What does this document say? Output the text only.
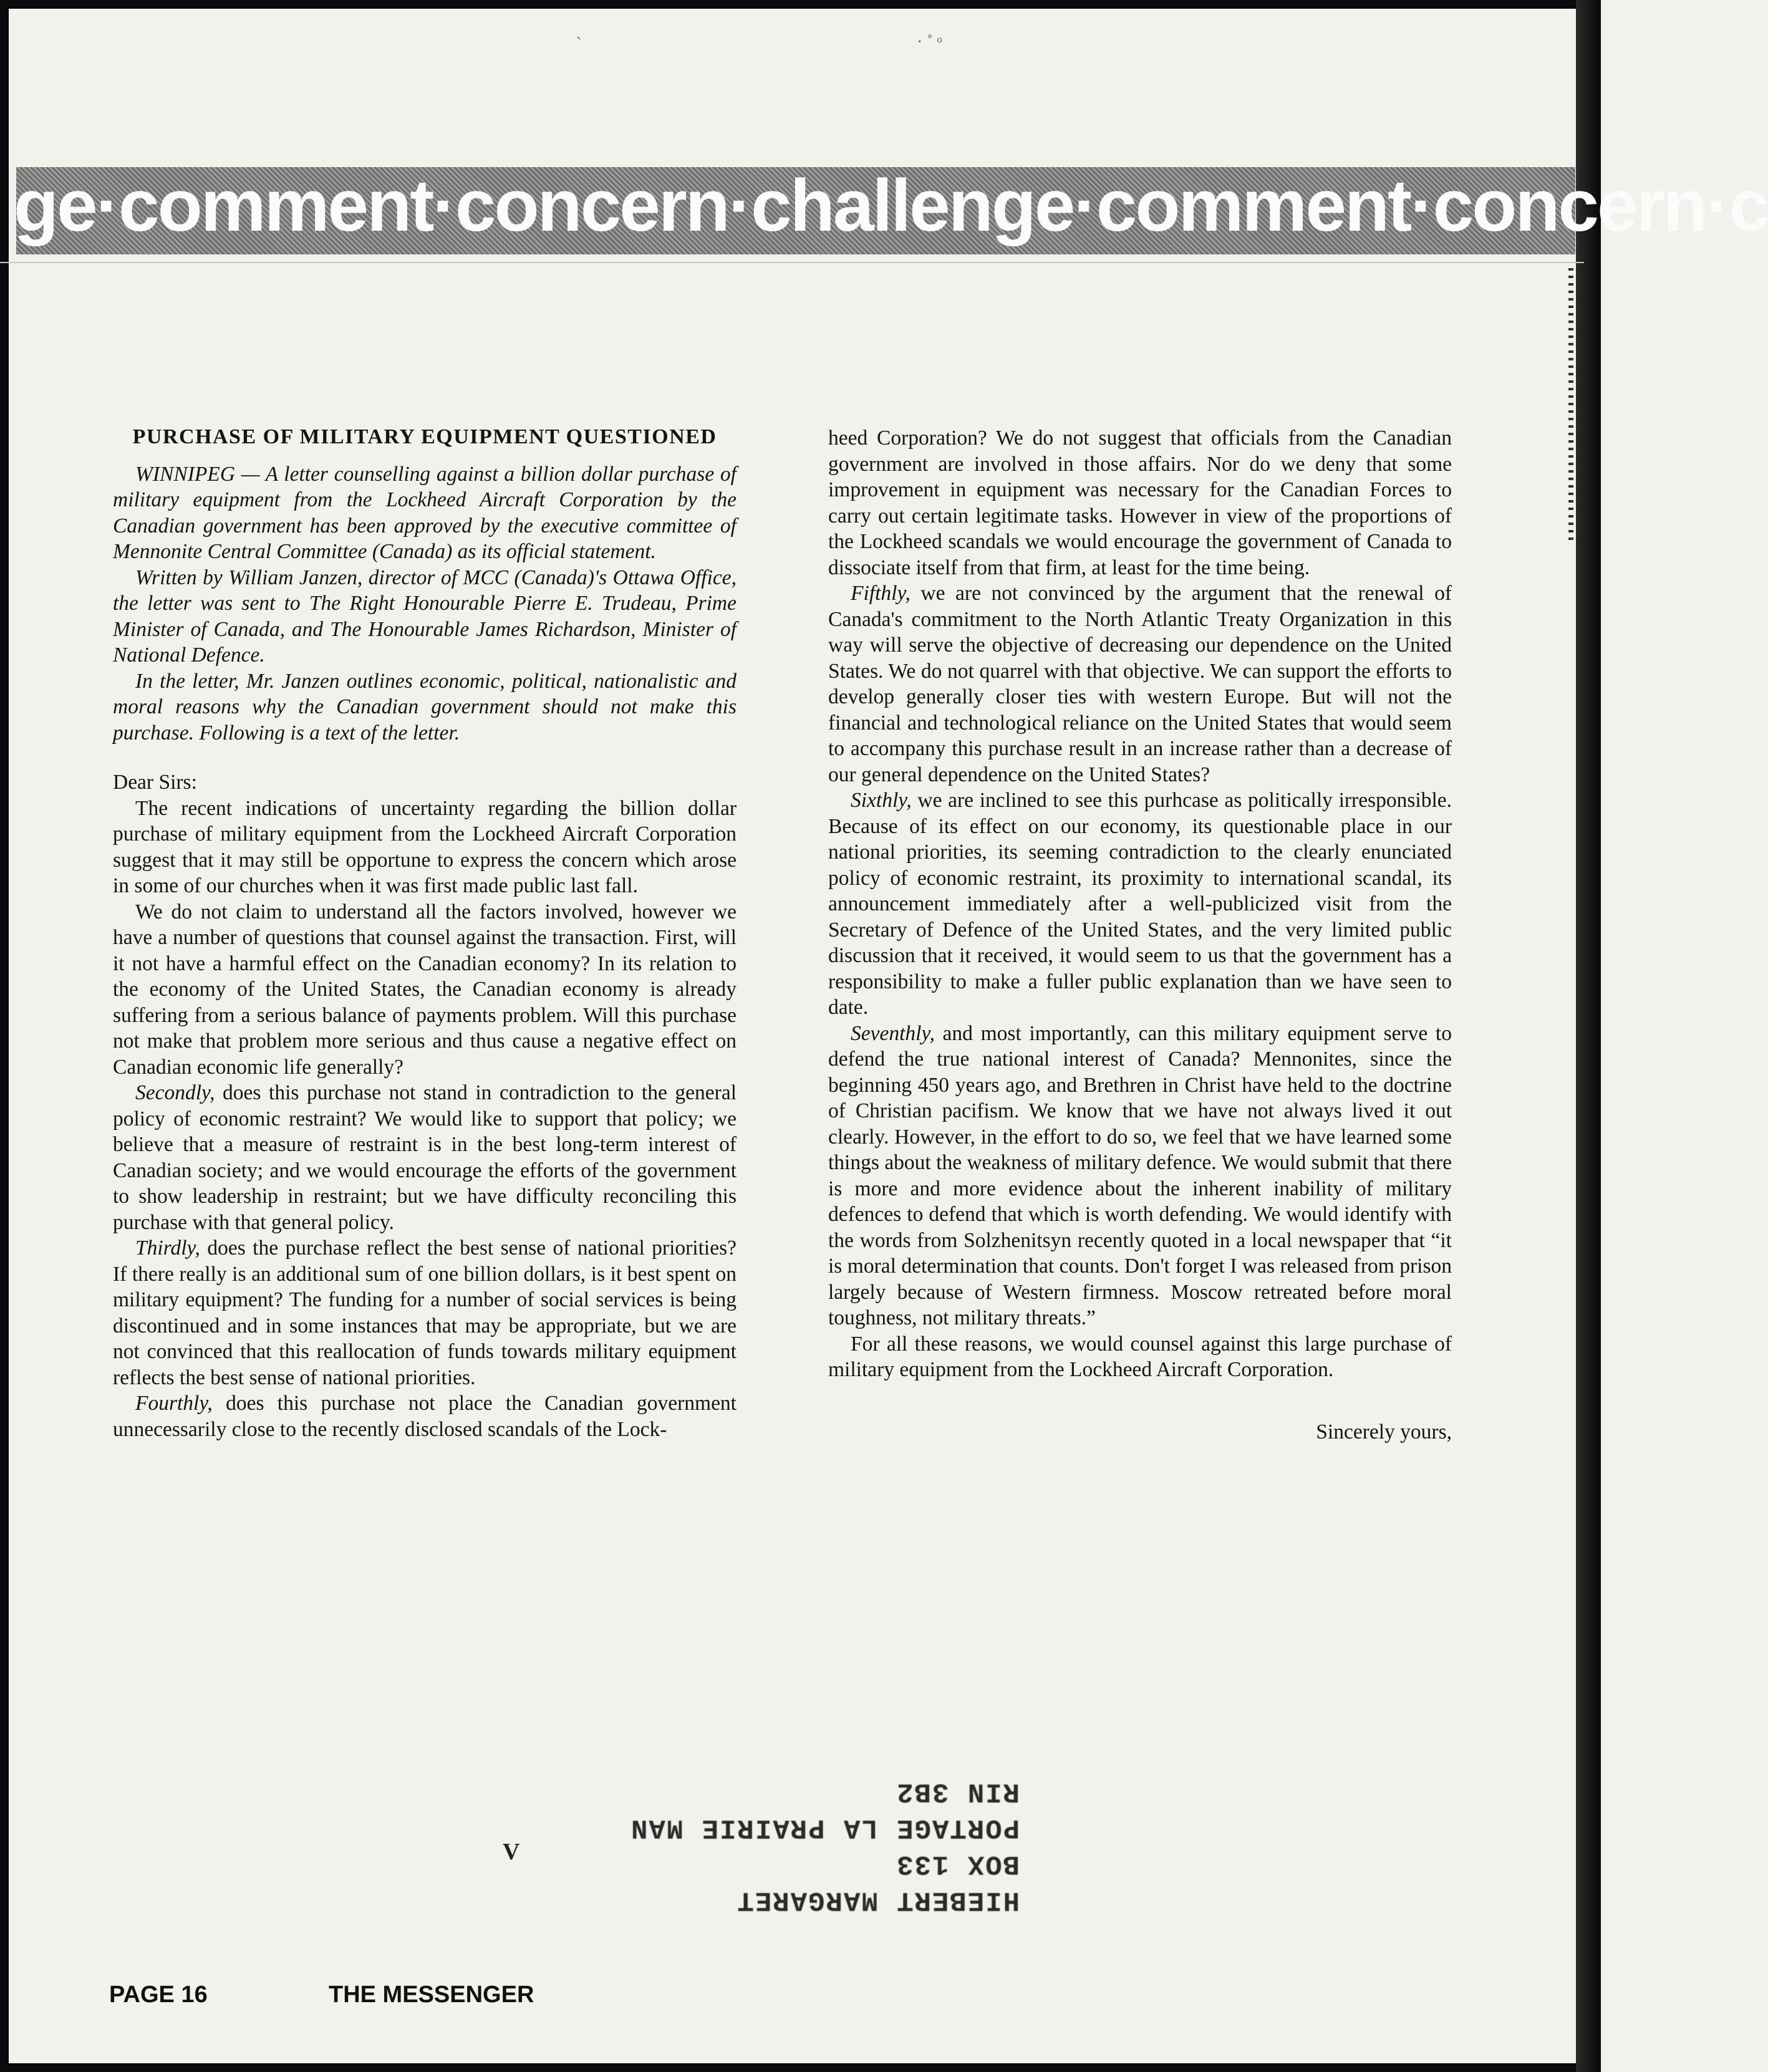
· ˚ ᵒ
ge·comment·concern·challenge·comment·concern·c

PURCHASE OF MILITARY EQUIPMENT QUESTIONED

WINNIPEG — A letter counselling against a billion dollar purchase of military equipment from the Lockheed Aircraft Corporation by the Canadian government has been approved by the executive committee of Mennonite Central Committee (Canada) as its official statement.

Written by William Janzen, director of MCC (Canada)'s Ottawa Office, the letter was sent to The Right Honourable Pierre E. Trudeau, Prime Minister of Canada, and The Honourable James Richardson, Minister of National Defence.

In the letter, Mr. Janzen outlines economic, political, nationalistic and moral reasons why the Canadian government should not make this purchase. Following is a text of the letter.

Dear Sirs:

The recent indications of uncertainty regarding the billion dollar purchase of military equipment from the Lockheed Aircraft Corporation suggest that it may still be opportune to express the concern which arose in some of our churches when it was first made public last fall.

We do not claim to understand all the factors involved, however we have a number of questions that counsel against the transaction. First, will it not have a harmful effect on the Canadian economy? In its relation to the economy of the United States, the Canadian economy is already suffering from a serious balance of payments problem. Will this purchase not make that problem more serious and thus cause a negative effect on Canadian economic life generally?

Secondly, does this purchase not stand in contradiction to the general policy of economic restraint? We would like to support that policy; we believe that a measure of restraint is in the best long-term interest of Canadian society; and we would encourage the efforts of the government to show leadership in restraint; but we have difficulty reconciling this purchase with that general policy.

Thirdly, does the purchase reflect the best sense of national priorities? If there really is an additional sum of one billion dollars, is it best spent on military equipment? The funding for a number of social services is being discontinued and in some instances that may be appropriate, but we are not convinced that this reallocation of funds towards military equipment reflects the best sense of national priorities.

Fourthly, does this purchase not place the Canadian government unnecessarily close to the recently disclosed scandals of the Lock-

heed Corporation? We do not suggest that officials from the Canadian government are involved in those affairs. Nor do we deny that some improvement in equipment was necessary for the Canadian Forces to carry out certain legitimate tasks. However in view of the proportions of the Lockheed scandals we would encourage the government of Canada to dissociate itself from that firm, at least for the time being.

Fifthly, we are not convinced by the argument that the renewal of Canada's commitment to the North Atlantic Treaty Organization in this way will serve the objective of decreasing our dependence on the United States. We do not quarrel with that objective. We can support the efforts to develop generally closer ties with western Europe. But will not the financial and technological reliance on the United States that would seem to accompany this purchase result in an increase rather than a decrease of our general dependence on the United States?

Sixthly, we are inclined to see this purhcase as politically irresponsible. Because of its effect on our economy, its questionable place in our national priorities, its seeming contradiction to the clearly enunciated policy of economic restraint, its proximity to international scandal, its announcement immediately after a well-publicized visit from the Secretary of Defence of the United States, and the very limited public discussion that it received, it would seem to us that the government has a responsibility to make a fuller public explanation than we have seen to date.

Seventhly, and most importantly, can this military equipment serve to defend the true national interest of Canada? Mennonites, since the beginning 450 years ago, and Brethren in Christ have held to the doctrine of Christian pacifism. We know that we have not always lived it out clearly. However, in the effort to do so, we feel that we have learned some things about the weakness of military defence. We would submit that there is more and more evidence about the inherent inability of military defences to defend that which is worth defending. We would identify with the words from Solzhenitsyn recently quoted in a local newspaper that “it is moral determination that counts. Don't forget I was released from prison largely because of Western firmness. Moscow retreated before moral toughness, not military threats.”

For all these reasons, we would counsel against this large purchase of military equipment from the Lockheed Aircraft Corporation.

Sincerely yours,

V
HIEBERT MARGARET
BOX 133
PORTAGE LA PRAIRIE MAN
RIN 3B2
PAGE 16	THE MESSENGER
